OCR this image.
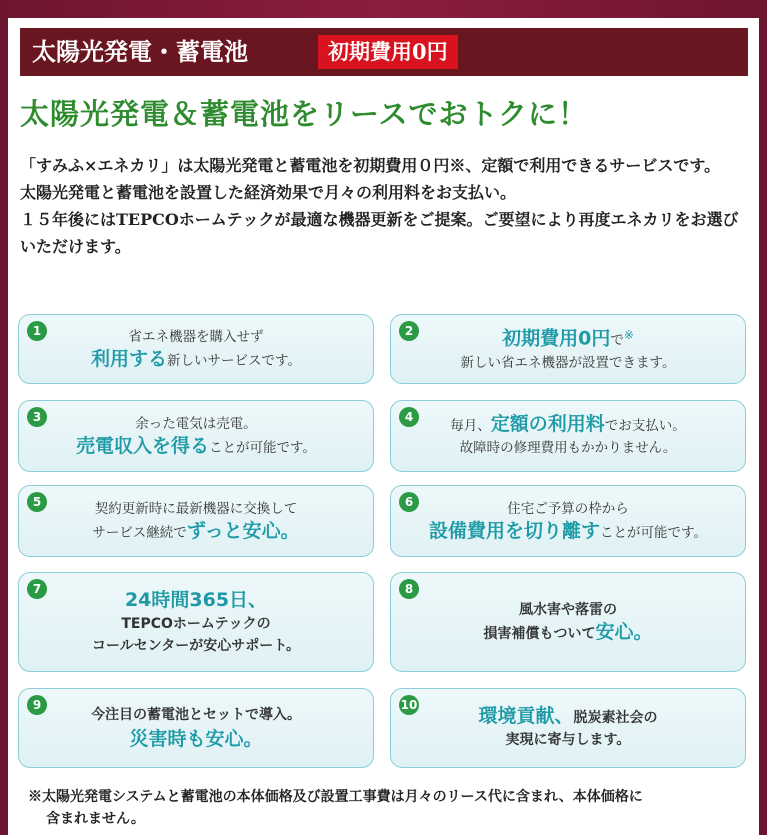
太陽光発電・蓄電池	初期費用0円
太陽光発電＆蓄電池をリースでおトクに！

「すみふ×エネカリ」は太陽光発電と蓄電池を初期費用０円※、定額で利用できるサービスです。

太陽光発電と蓄電池を設置した経済効果で月々の利用料をお支払い。

１５年後にはTEPCOホームテックが最適な機器更新をご提案。ご要望により再度エネカリをお選びいただけます。

1	省エネ機器を購入せず
利用する新しいサービスです。
2	初期費用0円で※
新しい省エネ機器が設置できます。
3	余った電気は売電。
売電収入を得ることが可能です。
4
毎月、定額の利用料でお支払い。
故障時の修理費用もかかりません。
5	契約更新時に最新機器に交換して
サービス継続でずっと安心。
6	住宅ご予算の枠から
設備費用を切り離すことが可能です。
7	24時間365日、
TEPCOホームテックの
コールセンターが安心サポート。
8
風水害や落雷の
損害補償もついて安心。
9
今注目の蓄電池とセットで導入。
災害時も安心。
10	環境貢献、脱炭素社会の
実現に寄与します。
※太陽光発電システムと蓄電池の本体価格及び設置工事費は月々のリース代に含まれ、本体価格に
含まれません。
